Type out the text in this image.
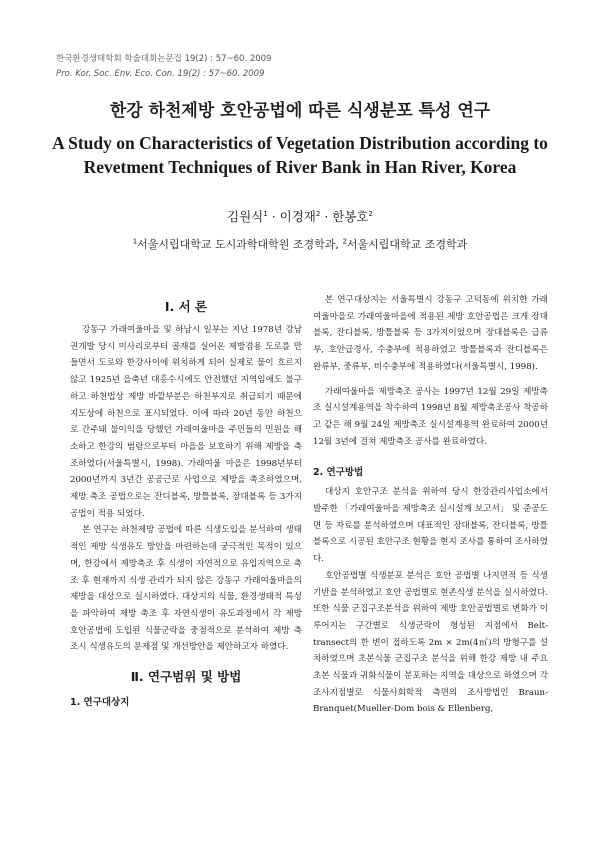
한국환경생태학회 학술대회논문집 19(2) : 57~60. 2009
Pro. Kor. Soc. Env. Eco. Con. 19(2) : 57~60. 2009
한강 하천제방 호안공법에 따른 식생분포 특성 연구
A Study on Characteristics of Vegetation Distribution according to Revetment Techniques of River Bank in Han River, Korea
김원식$^1$ · 이경재$^2$ · 한봉호$^2$
$^1$서울시립대학교 도시과학대학원 조경학과, $^2$서울시립대학교 조경학과
Ⅰ. 서 론

강동구 가래여울마을 및 하남시 일부는 지난 1978년 강남권개발 당시 미사리로부터 골재를 실어온 제방겸용 도로를 만들면서 도로와 한강사이에 위치하게 되어 실제로 물이 흐르지 않고 1925년 을축년 대홍수시에도 안전했던 지역임에도 불구하고 하천법상 제방 바깥부분은 하천부지로 취급되기 때문에 지도상에 하천으로 표시되었다. 이에 따라 20년 동안 하천으로 간주돼 불이익을 당했던 가래여울마을 주민들의 민원을 해소하고 한강의 범람으로부터 마을을 보호하기 위해 제방을 축조하였다(서울특별시, 1998). 가래여울 마을은 1998년부터 2000년까지 3년간 공공근로 사업으로 제방을 축조하였으며, 제방 축조 공법으로는 잔디블록, 방틀블록, 장대블록 등 3가지 공법이 적용 되었다.

본 연구는 하천제방 공법에 따른 식생도입을 분석하여 생태적인 제방 식생유도 방안을 마련하는데 궁극적인 목적이 있으며, 한강에서 제방축조 후 식생이 자연적으로 유입지역으로 축조 후 현재까지 식생 관리가 되지 않은 강동구 가래여울마을의 제방을 대상으로 실시하였다. 대상지의 식물, 환경생태적 특성을 파악하여 제방 축조 후 자연식생이 유도과정에서 각 제방 호안공법에 도입된 식물군락을 중점적으로 분석하여 제방 축조시 식생유도의 문제점 및 개선방안을 제안하고자 하였다.

Ⅱ. 연구범위 및 방법
1. 연구대상지

본 연구대상지는 서울특별시 강동구 고덕동에 위치한 가래여울마을로 가래여울마을에 적용된 제방 호안공법은 크게 장대블록, 잔디블록, 방틀블록 등 3가지이었으며 장대블록은 급류부, 호안급경사, 수충부에 적용하였고 방틀블록과 잔디블록은 완류부, 중류부, 비수충부에 적용하였다(서울특별시, 1998).

가래여울마을 제방축조 공사는 1997년 12월 29일 제방축조 실시설계용역을 착수하여 1998년 8월 제방축조공사 착공하고 같은 해 9월 24일 제방축조 실시설계용역 완료하여 2000년 12월 3년에 걸쳐 제방축조 공사를 완료하였다.

2. 연구방법

대상지 호안구조 분석을 위하여 당시 한강관리사업소에서 발주한 「가래여울마을 제방축조 실시설계 보고서」 및 준공도면 등 자료를 분석하였으며 대표적인 장대블록, 잔디블록, 방틀블록으로 시공된 호안구조 현황을 현지 조사를 통하여 조사하였다.

호안공법별 식생분포 분석은 호안 공법별 나지면적 등 식생기반을 분석하였고 호안 공법별로 현존식생 분석을 실시하였다. 또한 식물 군집구조분석을 위하여 제방 호안공법별로 변화가 이루어지는 구간별로 식생군락이 형성된 지점에서 Belt-transect의 한 변이 접하도록 2m × 2m(4㎡)의 방형구를 설치하였으며 초본식물 군집구조 분석을 위해 한강 제방 내 주요 초본 식물과 귀화식물이 분포하는 지역을 대상으로 하였으며 각 조사지점별로 식물사회학적 측면의 조사방법인 Braun-Branquet(Mueller-Dom bois & Ellenberg,
